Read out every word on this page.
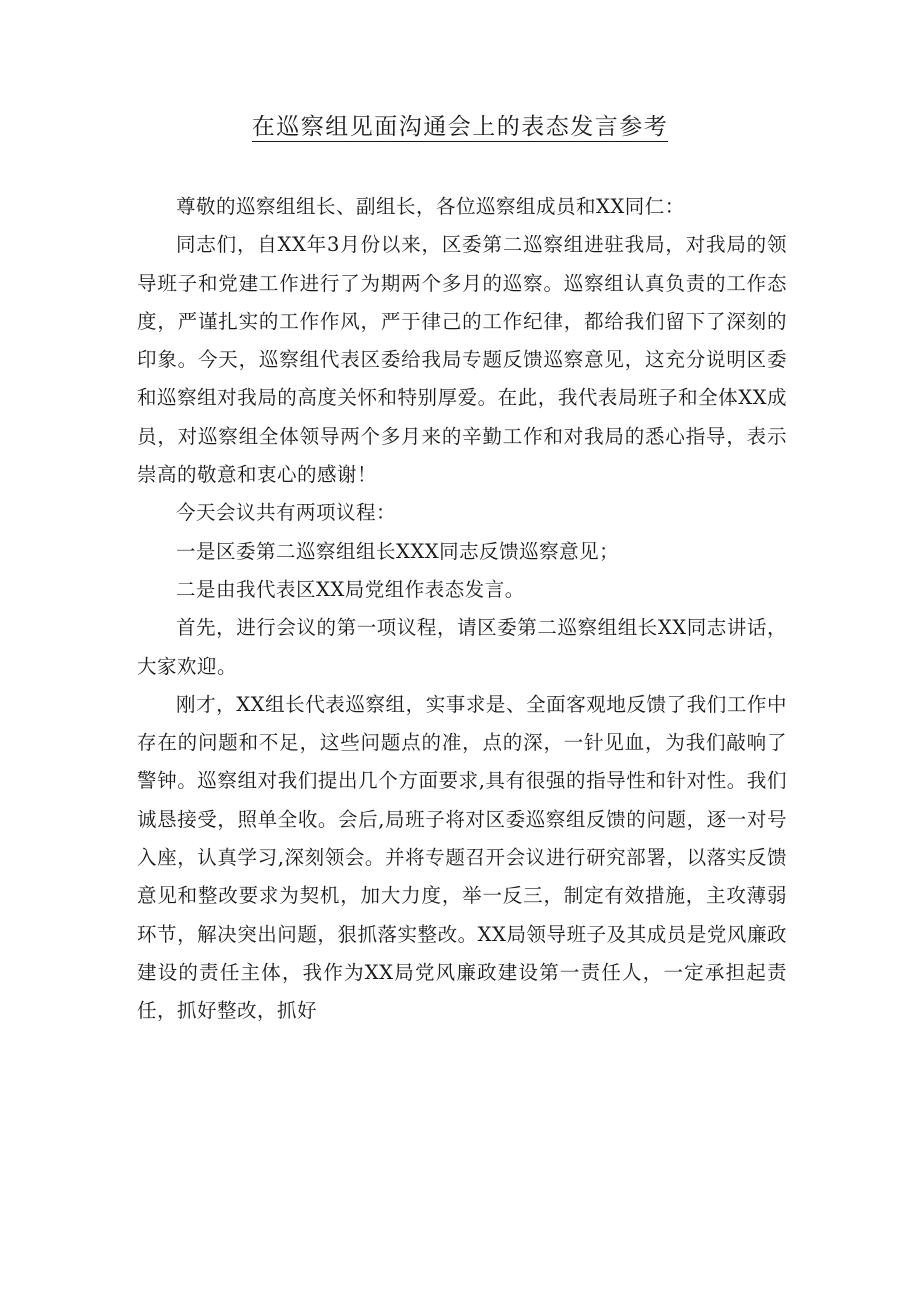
在巡察组见面沟通会上的表态发言参考

尊敬的巡察组组长、副组长，各位巡察组成员和XX同仁：

同志们，自XX年3月份以来，区委第二巡察组进驻我局，对我局的领导班子和党建工作进行了为期两个多月的巡察。巡察组认真负责的工作态度，严谨扎实的工作作风，严于律己的工作纪律，都给我们留下了深刻的印象。今天，巡察组代表区委给我局专题反馈巡察意见，这充分说明区委和巡察组对我局的高度关怀和特别厚爱。在此，我代表局班子和全体XX成员，对巡察组全体领导两个多月来的辛勤工作和对我局的悉心指导，表示崇高的敬意和衷心的感谢！

今天会议共有两项议程：

一是区委第二巡察组组长XXX同志反馈巡察意见；

二是由我代表区XX局党组作表态发言。

首先，进行会议的第一项议程，请区委第二巡察组组长XX同志讲话，大家欢迎。

刚才，XX组长代表巡察组，实事求是、全面客观地反馈了我们工作中存在的问题和不足，这些问题点的准，点的深，一针见血，为我们敲响了警钟。巡察组对我们提出几个方面要求,具有很强的指导性和针对性。我们诚恳接受，照单全收。会后,局班子将对区委巡察组反馈的问题，逐一对号入座，认真学习,深刻领会。并将专题召开会议进行研究部署，以落实反馈意见和整改要求为契机，加大力度，举一反三，制定有效措施，主攻薄弱环节，解决突出问题，狠抓落实整改。XX局领导班子及其成员是党风廉政建设的责任主体，我作为XX局党风廉政建设第一责任人，一定承担起责任，抓好整改，抓好
